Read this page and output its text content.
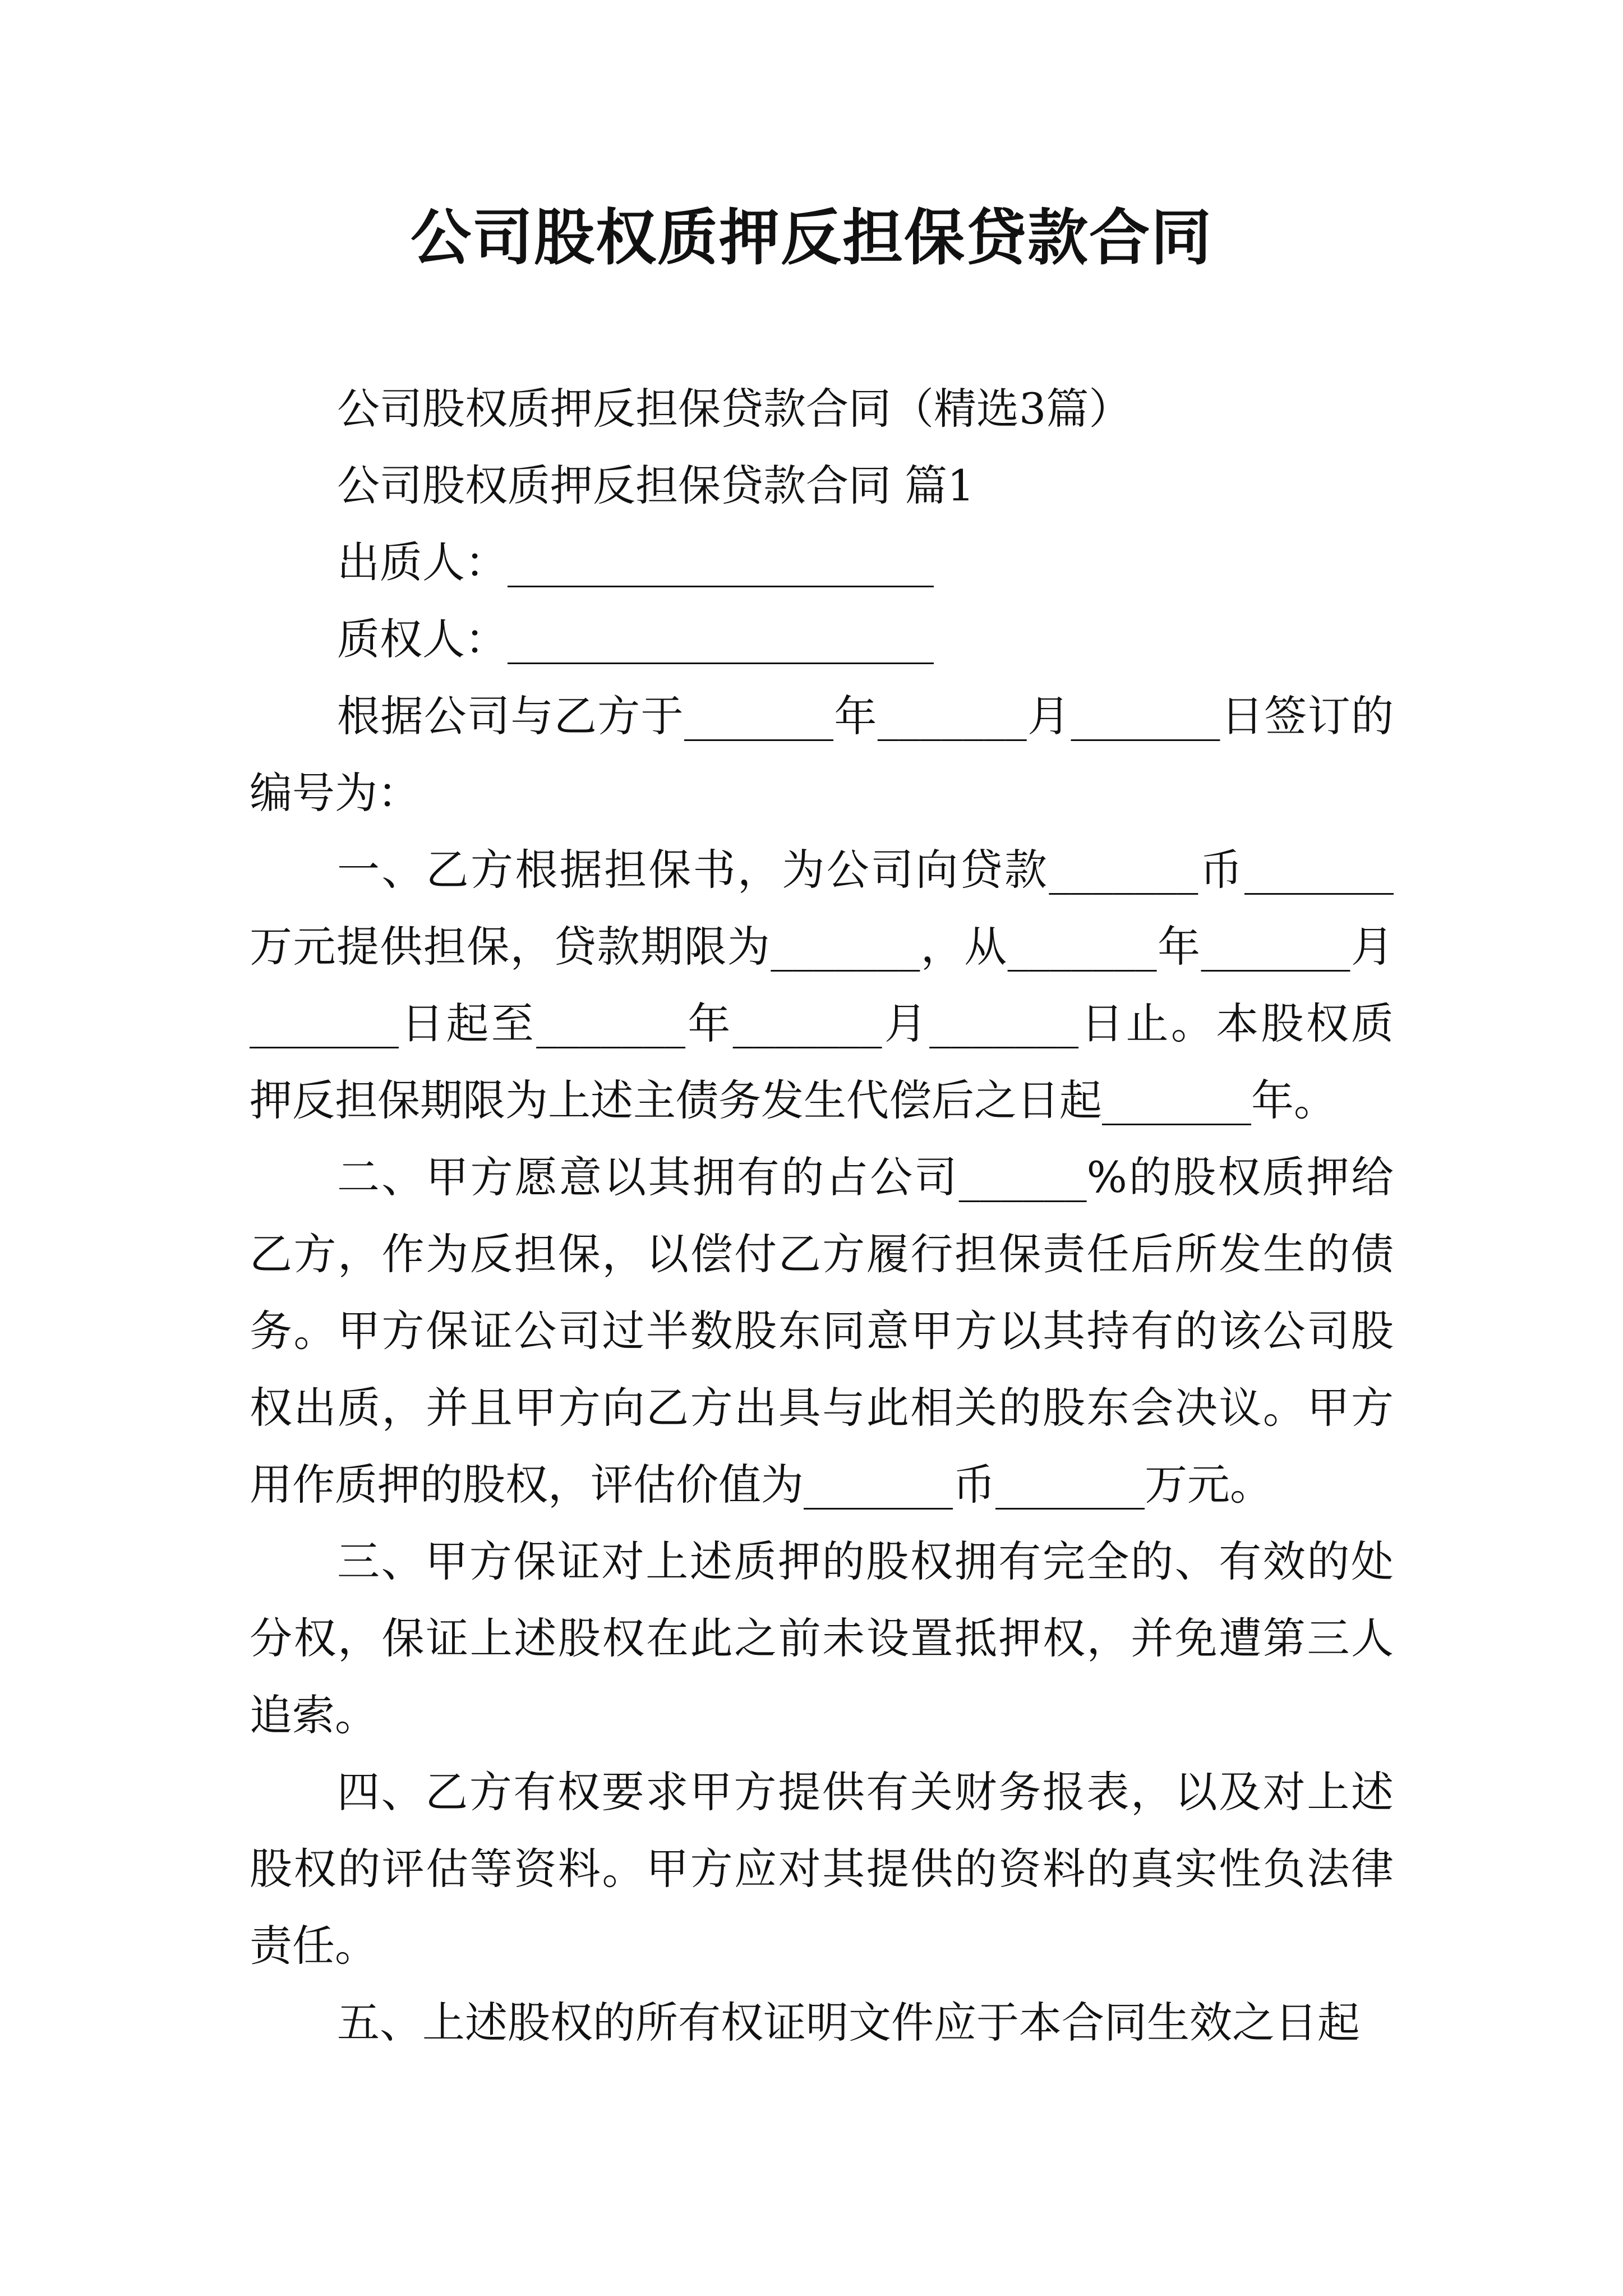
公司股权质押反担保贷款合同

公司股权质押反担保贷款合同（精选3篇）

公司股权质押反担保贷款合同 篇1

出质人：____________________

质权人：____________________

根据公司与乙方于_______年_______月_______日签订的编号为：

一、乙方根据担保书，为公司向贷款_______币_______万元提供担保，贷款期限为_______，从_______年_______月_______日起至_______年_______月_______日止。本股权质押反担保期限为上述主债务发生代偿后之日起_______年。

二、甲方愿意以其拥有的占公司______%的股权质押给乙方，作为反担保，以偿付乙方履行担保责任后所发生的债务。甲方保证公司过半数股东同意甲方以其持有的该公司股权出质，并且甲方向乙方出具与此相关的股东会决议。甲方用作质押的股权，评估价值为_______币_______万元。

三、甲方保证对上述质押的股权拥有完全的、有效的处分权，保证上述股权在此之前未设置抵押权，并免遭第三人追索。

四、乙方有权要求甲方提供有关财务报表，以及对上述股权的评估等资料。甲方应对其提供的资料的真实性负法律责任。

五、上述股权的所有权证明文件应于本合同生效之日起
